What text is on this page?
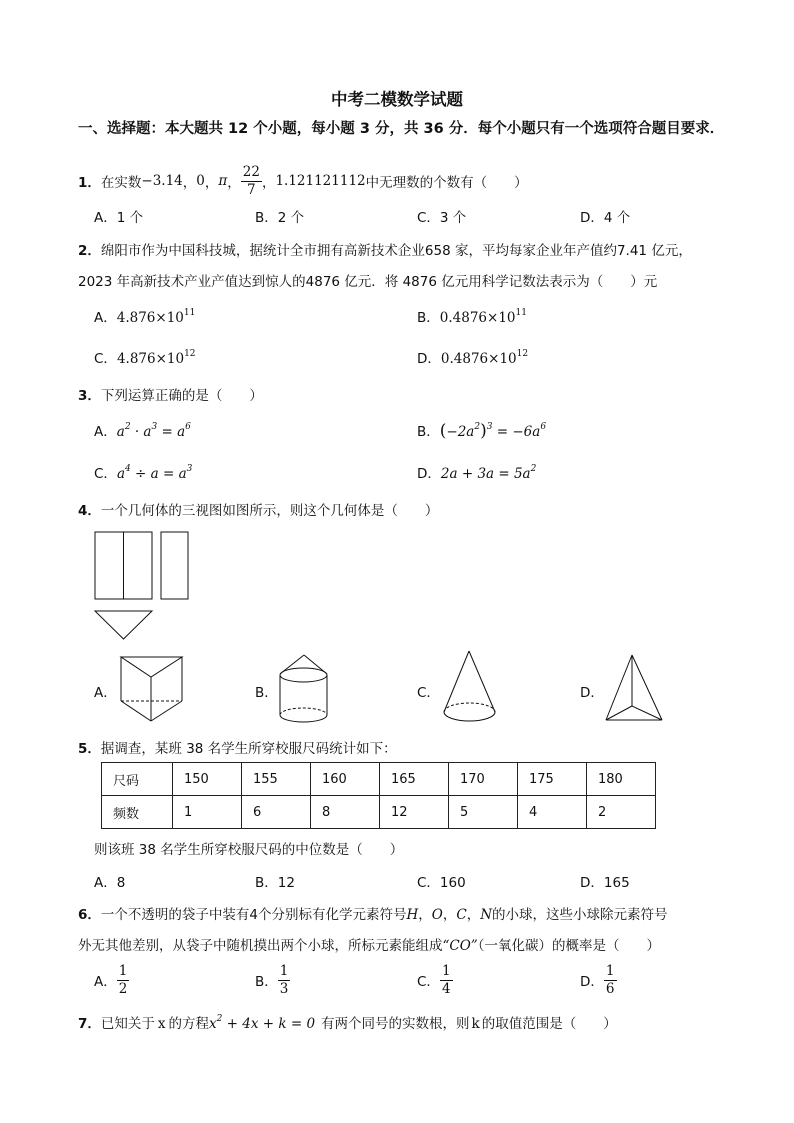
中考二模数学试题
一、选择题：本大题共 12 个小题，每小题 3 分，共 36 分．每个小题只有一个选项符合题目要求．
1． 在实数 −3.14 ， 0 ， π ， $\frac{22}{7}$ ， 1.121121112 中无理数的个数有（　　）
A．1 个	B．2 个	C．3 个	D．4 个
2．绵阳市作为中国科技城，据统计全市拥有高新技术企业658 家，平均每家企业年产值约7.41 亿元，
2023 年高新技术产业产值达到惊人的4876 亿元．将 4876 亿元用科学记数法表示为（　　）元
A．$4.876\times 10^{11}$	B．$0.4876\times 10^{11}$
C．$4.876\times 10^{12}$	D．$0.4876\times 10^{12}$
3．下列运算正确的是（　　）
A．$a^2 \cdot a^3 = a^6$	B．$(-2a^2)^3 = -6a^6$
C．$a^4 \div a = a^3$	D．$2a + 3a = 5a^2$
4．一个几何体的三视图如图所示，则这个几何体是（　　）
A．	B．	C．	D．
5．据调查，某班 38 名学生所穿校服尺码统计如下：
尺码	150	155	160	165	170	175	180
频数	1	6	8	12	5	4	2
则该班 38 名学生所穿校服尺码的中位数是（　　）
A．8	B．12	C．160	D．165
6．一个不透明的袋子中装有4个分别标有化学元素符号H，O，C，N的小球，这些小球除元素符号
外无其他差别，从袋子中随机摸出两个小球，所标元素能组成“CO”（一氧化碳）的概率是（　　）
A． $\frac{1}{2}$	B． $\frac{1}{3}$	C． $\frac{1}{4}$	D． $\frac{1}{6}$
7．已知关于 x 的方程$x^2 + 4x + k = 0$ 有两个同号的实数根，则 k 的取值范围是（　　）
